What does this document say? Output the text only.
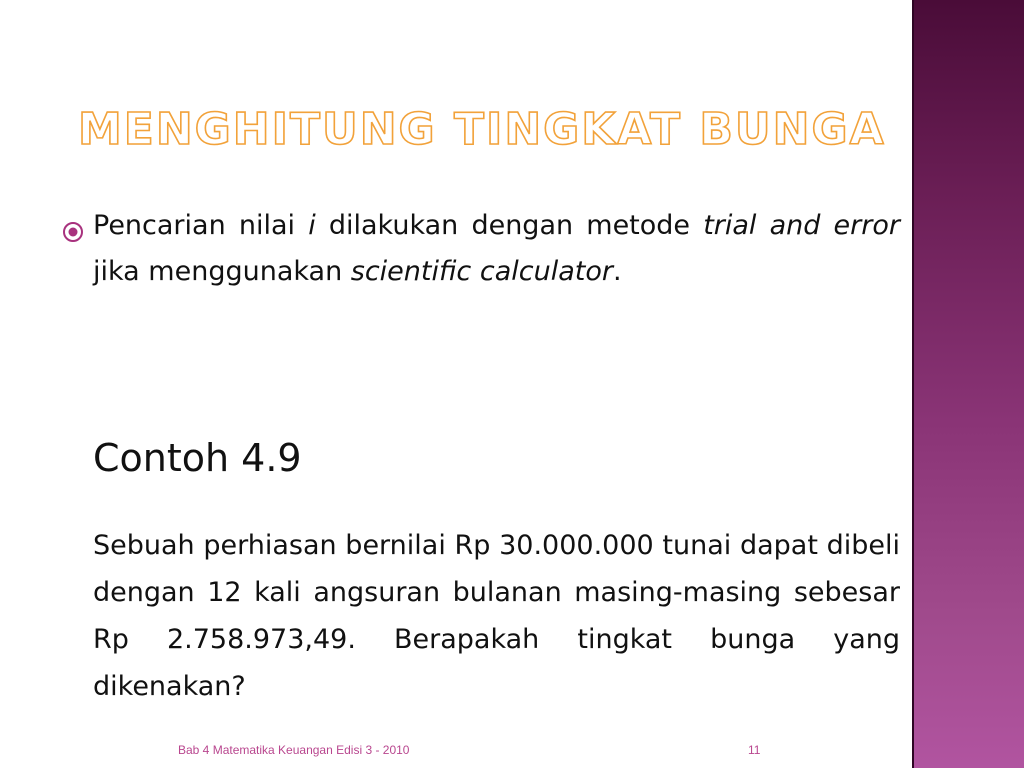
MENGHITUNG TINGKAT BUNGA
Pencarian nilai i dilakukan dengan metode trial and error jika menggunakan scientific calculator.
Contoh 4.9
Sebuah perhiasan bernilai Rp 30.000.000 tunai dapat dibeli dengan 12 kali angsuran bulanan masing-masing sebesar Rp 2.758.973,49. Berapakah tingkat bunga yang dikenakan?
Bab 4 Matematika Keuangan Edisi 3 - 2010	11
